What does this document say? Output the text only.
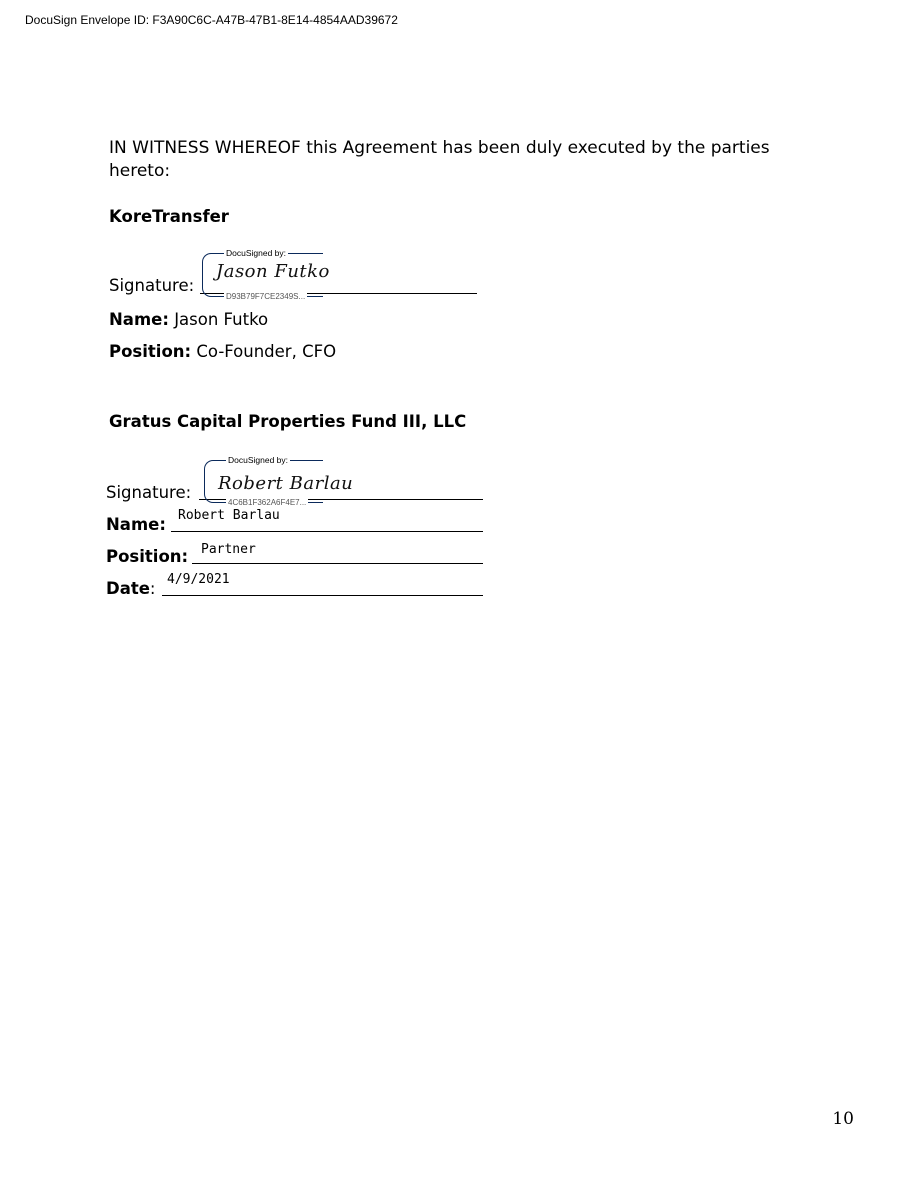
DocuSign Envelope ID: F3A90C6C-A47B-47B1-8E14-4854AAD39672
IN WITNESS WHEREOF this Agreement has been duly executed by the parties hereto:
KoreTransfer
Signature:
DocuSigned by:
Jason Futko
D93B79F7CE2349S...
Name: Jason Futko
Position: Co-Founder, CFO
Gratus Capital Properties Fund III, LLC
Signature:
DocuSigned by:
Robert Barlau
4C6B1F362A6F4E7...
Name: Robert Barlau
Position: Partner
Date: 4/9/2021
10
